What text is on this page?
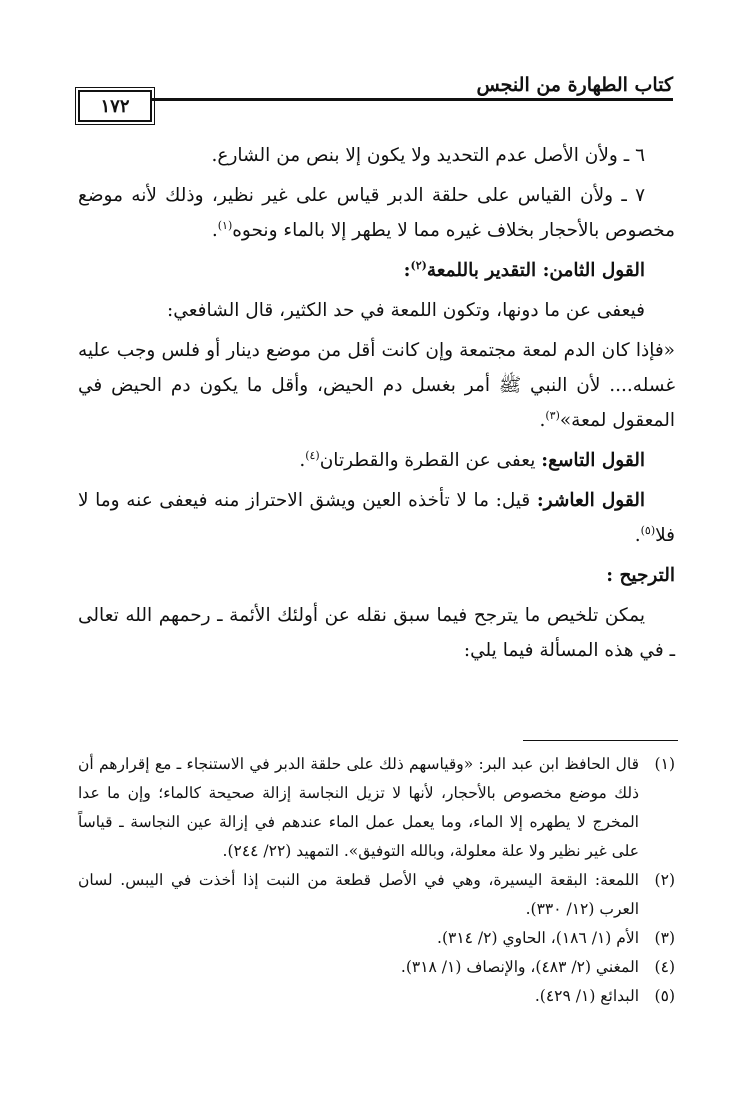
كتاب الطهارة من النجس
١٧٢

٦ ـ ولأن الأصل عدم التحديد ولا يكون إلا بنص من الشارع.

٧ ـ ولأن القياس على حلقة الدبر قياس على غير نظير، وذلك لأنه موضع مخصوص بالأحجار بخلاف غيره مما لا يطهر إلا بالماء ونحوه$^{(١)}$.

القول الثامن: التقدير باللمعة$^{(٢)}$:

فيعفى عن ما دونها، وتكون اللمعة في حد الكثير، قال الشافعي:

«فإذا كان الدم لمعة مجتمعة وإن كانت أقل من موضع دينار أو فلس وجب عليه غسله.... لأن النبي ﷺ أمر بغسل دم الحيض، وأقل ما يكون دم الحيض في المعقول لمعة»$^{(٣)}$.

القول التاسع: يعفى عن القطرة والقطرتان$^{(٤)}$.

القول العاشر: قيل: ما لا تأخذه العين ويشق الاحتراز منه فيعفى عنه وما لا فلا$^{(٥)}$.

الترجيح :

يمكن تلخيص ما يترجح فيما سبق نقله عن أولئك الأئمة ـ رحمهم الله تعالى ـ في هذه المسألة فيما يلي:

(١)
قال الحافظ ابن عبد البر: «وقياسهم ذلك على حلقة الدبر في الاستنجاء ـ مع إقرارهم أن ذلك موضع مخصوص بالأحجار، لأنها لا تزيل النجاسة إزالة صحيحة كالماء؛ وإن ما عدا المخرج لا يطهره إلا الماء، وما يعمل عمل الماء عندهم في إزالة عين النجاسة ـ قياساً على غير نظير ولا علة معلولة، وبالله التوفيق». التمهيد (٢٢/ ٢٤٤).
(٢)
اللمعة: البقعة اليسيرة، وهي في الأصل قطعة من النبت إذا أخذت في اليبس. لسان العرب (١٢/ ٣٣٠).
(٣)
الأم (١/ ١٨٦)، الحاوي (٢/ ٣١٤).
(٤)
المغني (٢/ ٤٨٣)، والإنصاف (١/ ٣١٨).
(٥)
البدائع (١/ ٤٢٩).
